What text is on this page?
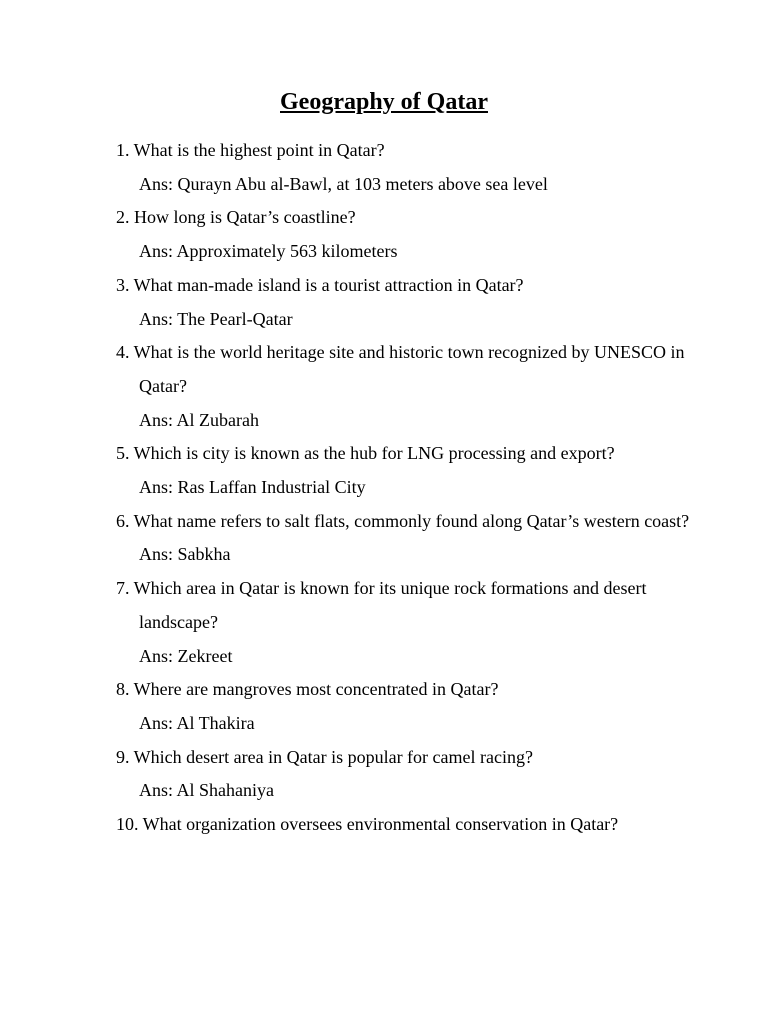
Geography of Qatar
1. What is the highest point in Qatar?
Ans: Qurayn Abu al-Bawl, at 103 meters above sea level
2. How long is Qatar’s coastline?
Ans: Approximately 563 kilometers
3. What man-made island is a tourist attraction in Qatar?
Ans: The Pearl-Qatar
4. What is the world heritage site and historic town recognized by UNESCO in Qatar?
Ans: Al Zubarah
5. Which is city is known as the hub for LNG processing and export?
Ans: Ras Laffan Industrial City
6. What name refers to salt flats, commonly found along Qatar’s western coast?
Ans: Sabkha
7. Which area in Qatar is known for its unique rock formations and desert landscape?
Ans: Zekreet
8. Where are mangroves most concentrated in Qatar?
Ans: Al Thakira
9. Which desert area in Qatar is popular for camel racing?
Ans: Al Shahaniya
10. What organization oversees environmental conservation in Qatar?
